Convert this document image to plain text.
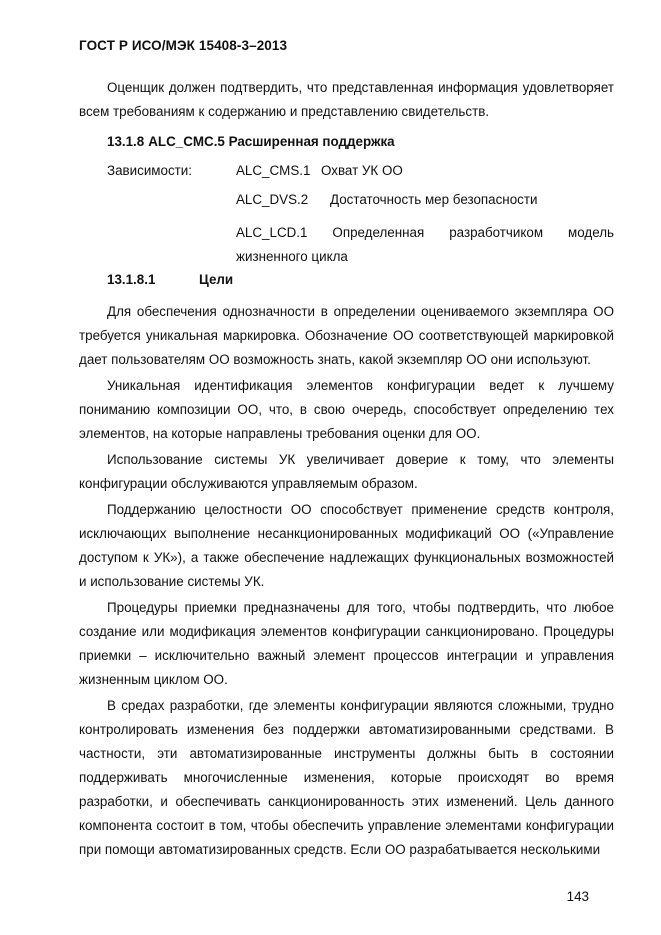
ГОСТ Р ИСО/МЭК 15408-3–2013
Оценщик должен подтвердить, что представленная информация удовлетворяет всем требованиям к содержанию и представлению свидетельств.
13.1.8 ALC_CMC.5 Расширенная поддержка
Зависимости:	ALC_CMS.1 Охват УК ОО
ALC_DVS.2 Достаточность мер безопасности
ALC_LCD.1 Определенная разработчиком модель
жизненного цикла
13.1.8.1	Цели

Для обеспечения однозначности в определении оцениваемого экземпляра ОО требуется уникальная маркировка. Обозначение ОО соответствующей маркировкой дает пользователям ОО возможность знать, какой экземпляр ОО они используют.

Уникальная идентификация элементов конфигурации ведет к лучшему пониманию композиции ОО, что, в свою очередь, способствует определению тех элементов, на которые направлены требования оценки для ОО.

Использование системы УК увеличивает доверие к тому, что элементы конфигурации обслуживаются управляемым образом.

Поддержанию целостности ОО способствует применение средств контроля, исключающих выполнение несанкционированных модификаций ОО («Управление доступом к УК»), а также обеспечение надлежащих функциональных возможностей и использование системы УК.

Процедуры приемки предназначены для того, чтобы подтвердить, что любое создание или модификация элементов конфигурации санкционировано. Процедуры приемки – исключительно важный элемент процессов интеграции и управления жизненным циклом ОО.

В средах разработки, где элементы конфигурации являются сложными, трудно контролировать изменения без поддержки автоматизированными средствами. В частности, эти автоматизированные инструменты должны быть в состоянии поддерживать многочисленные изменения, которые происходят во время разработки, и обеспечивать санкционированность этих изменений. Цель данного компонента состоит в том, чтобы обеспечить управление элементами конфигурации при помощи автоматизированных средств. Если ОО разрабатывается несколькими

143
